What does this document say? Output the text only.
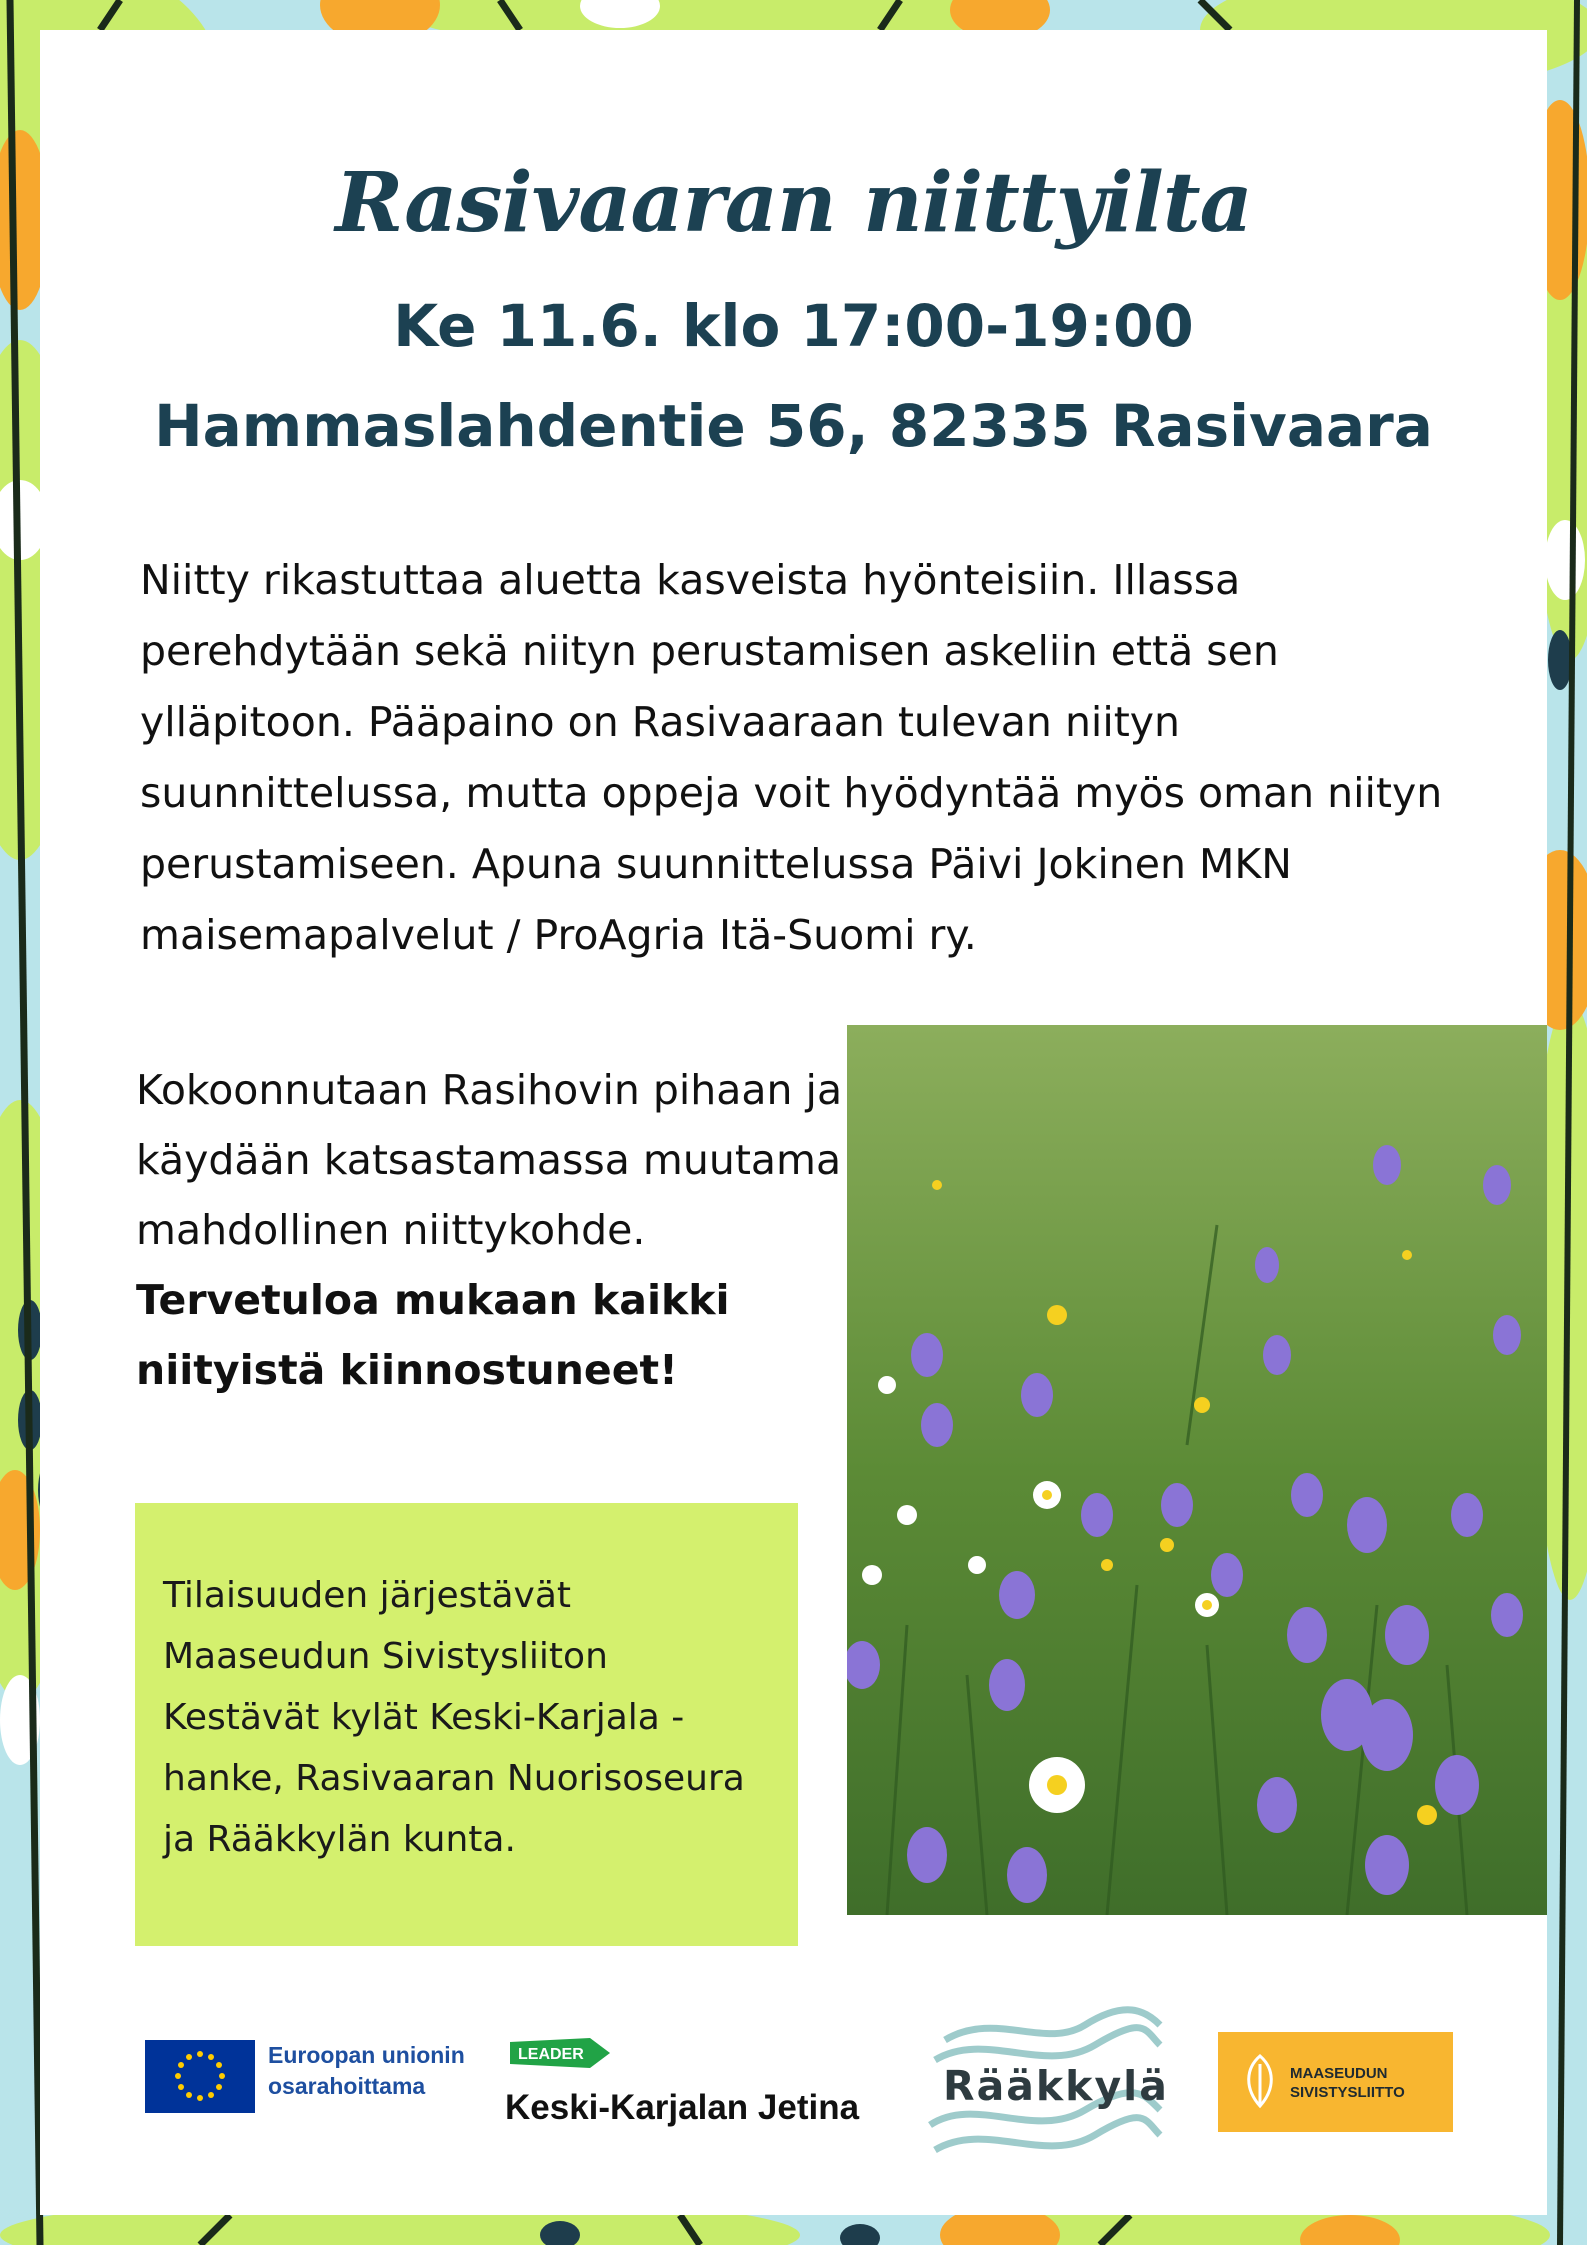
Rasivaaran niittyilta
Ke 11.6. klo 17:00-19:00
Hammaslahdentie 56, 82335 Rasivaara

Niitty rikastuttaa aluetta kasveista hyönteisiin. Illassa perehdytään sekä niityn perustamisen askeliin että sen ylläpitoon. Pääpaino on Rasivaaraan tulevan niityn suunnittelussa, mutta oppeja voit hyödyntää myös oman niityn perustamiseen. Apuna suunnittelussa Päivi Jokinen MKN maisemapalvelut / ProAgria Itä-Suomi ry.

Kokoonnutaan Rasihovin pihaan ja käydään katsastamassa muutama mahdollinen niittykohde.
Tervetuloa mukaan kaikki niityistä kiinnostuneet!
Tilaisuuden järjestävät Maaseudun Sivistysliiton Kestävät kylät Keski-Karjala -hanke, Rasivaaran Nuorisoseura ja Rääkkylän kunta.
Euroopan unionin
osarahoittama
LEADER
Keski-Karjalan Jetina Rääkkylä	MAASEUDUN
SIVISTYSLIITTO
